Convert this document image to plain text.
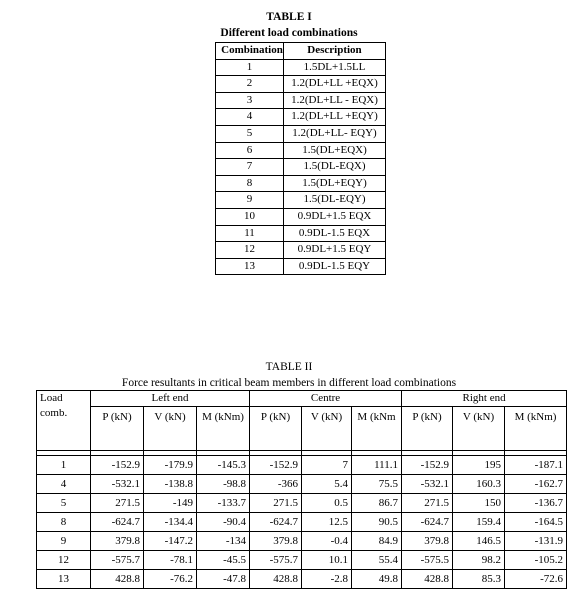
TABLE I
Different load combinations
Combination	Description
1	1.5DL+1.5LL
2	1.2(DL+LL +EQX)
3	1.2(DL+LL - EQX)
4	1.2(DL+LL +EQY)
5	1.2(DL+LL- EQY)
6	1.5(DL+EQX)
7	1.5(DL-EQX)
8	1.5(DL+EQY)
9	1.5(DL-EQY)
10	0.9DL+1.5 EQX
11	0.9DL-1.5 EQX
12	0.9DL+1.5 EQY
13	0.9DL-1.5 EQY
TABLE II
Force resultants in critical beam members in different load combinations
Load comb.	Left end			Centre			Right end		
	P (kN)	V (kN)	M (kNm)	P (kN)	V (kN)	M (kNm	P (kN)	V (kN)	M (kNm)

1	-152.9	-179.9	-145.3	-152.9	7	111.1	-152.9	195	-187.1
4	-532.1	-138.8	-98.8	-366	5.4	75.5	-532.1	160.3	-162.7
5	271.5	-149	-133.7	271.5	0.5	86.7	271.5	150	-136.7
8	-624.7	-134.4	-90.4	-624.7	12.5	90.5	-624.7	159.4	-164.5
9	379.8	-147.2	-134	379.8	-0.4	84.9	379.8	146.5	-131.9
12	-575.7	-78.1	-45.5	-575.7	10.1	55.4	-575.5	98.2	-105.2
13	428.8	-76.2	-47.8	428.8	-2.8	49.8	428.8	85.3	-72.6
